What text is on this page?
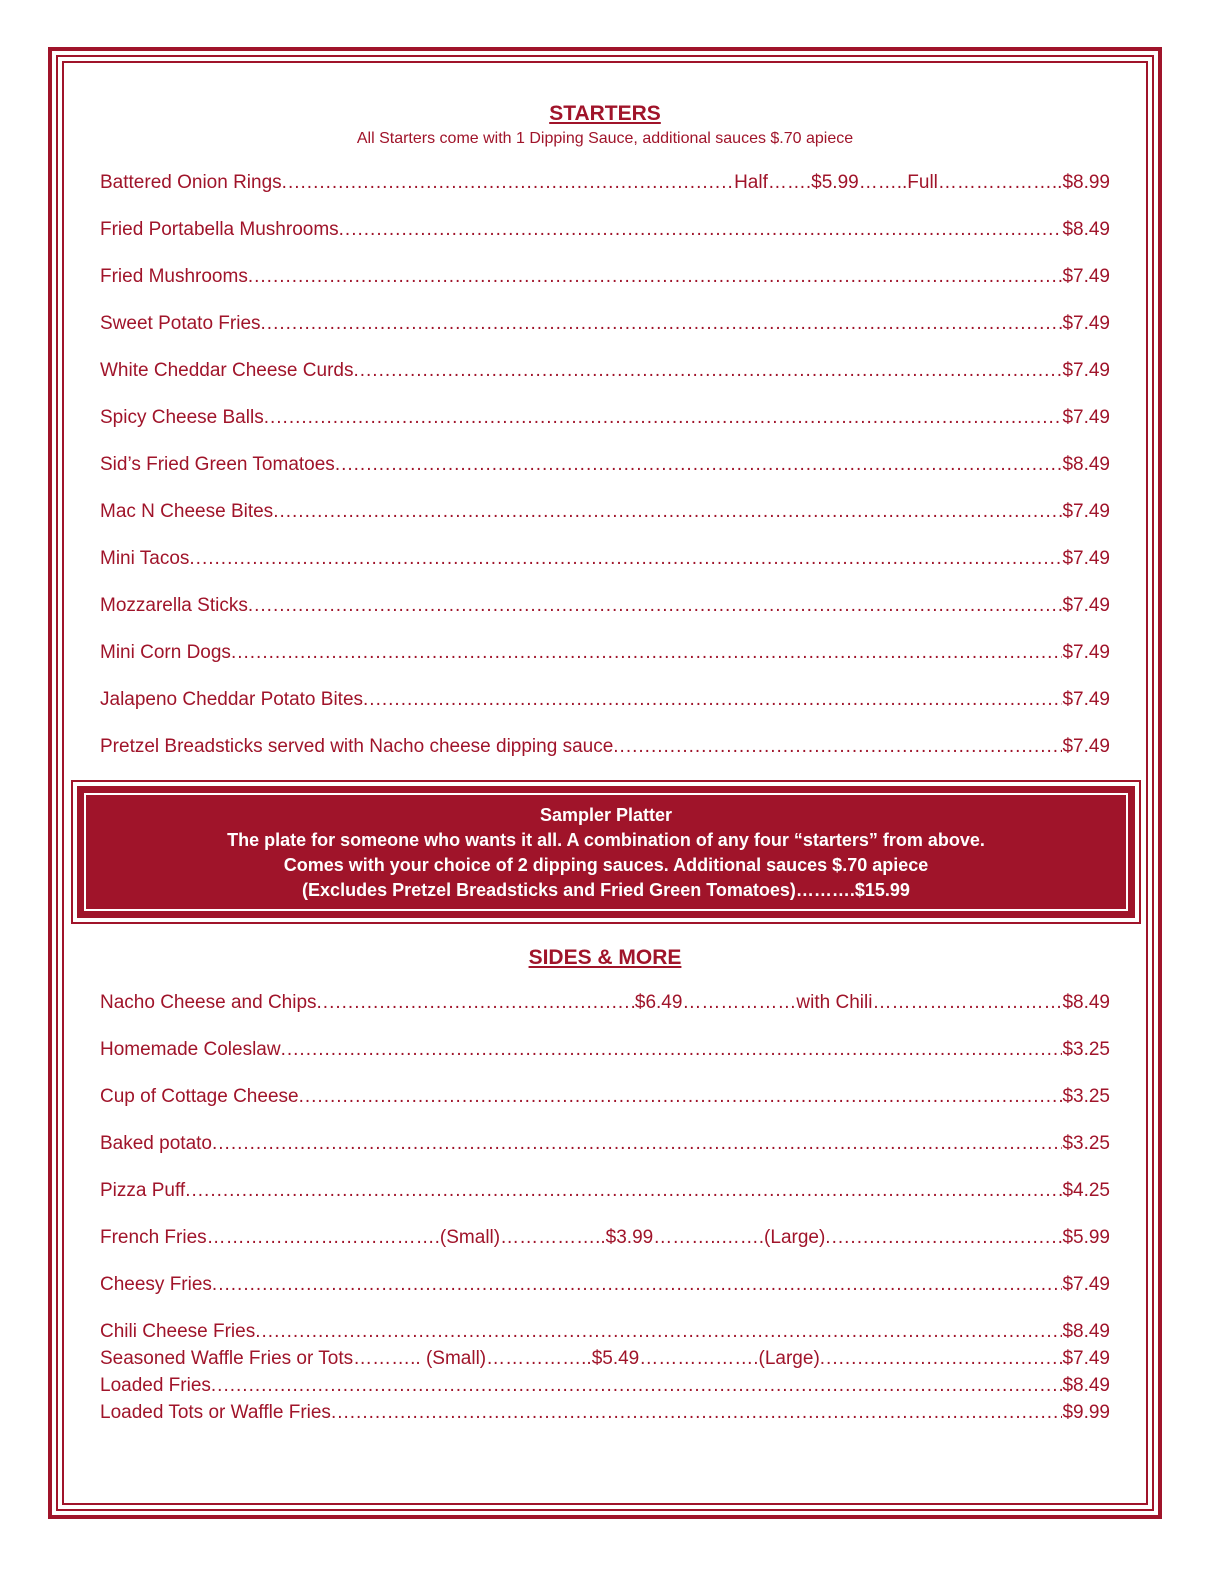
STARTERS
All Starters come with 1 Dipping Sauce, additional sauces $.70 apiece
Battered Onion Rings .....	Half ……. $5.99 …….. Full ……………….. $8.99
Fried Portabella Mushrooms .....	$8.49
Fried Mushrooms .....	$7.49
Sweet Potato Fries .....	$7.49
White Cheddar Cheese Curds .....	$7.49
Spicy Cheese Balls .....	$7.49
Sid’s Fried Green Tomatoes .....	$8.49
Mac N Cheese Bites .....	$7.49
Mini Tacos .....	$7.49
Mozzarella Sticks .....	$7.49
Mini Corn Dogs .....	$7.49
Jalapeno Cheddar Potato Bites .....	$7.49
Pretzel Breadsticks served with Nacho cheese dipping sauce .....	$7.49
Sampler Platter
The plate for someone who wants it all. A combination of any four “starters” from above.
Comes with your choice of 2 dipping sauces. Additional sauces $.70 apiece
(Excludes Pretzel Breadsticks and Fried Green Tomatoes)……….$15.99
SIDES & MORE
Nacho Cheese and Chips .....	$6.49 ……………… with Chili ………………………… $8.49
Homemade Coleslaw .....	$3.25
Cup of Cottage Cheese .....	$3.25
Baked potato .....	$3.25
Pizza Puff .....	$4.25
French Fries ………………………………. (Small) …………….. $3.99 ………..……. (Large) .....	$5.99
Cheesy Fries .....	$7.49
Chili Cheese Fries .....	$8.49
Seasoned Waffle Fries or Tots ……….. (Small) …………….. $5.49 ………………. (Large) .....	$7.49
Loaded Fries .....	$8.49
Loaded Tots or Waffle Fries .....	$9.99
